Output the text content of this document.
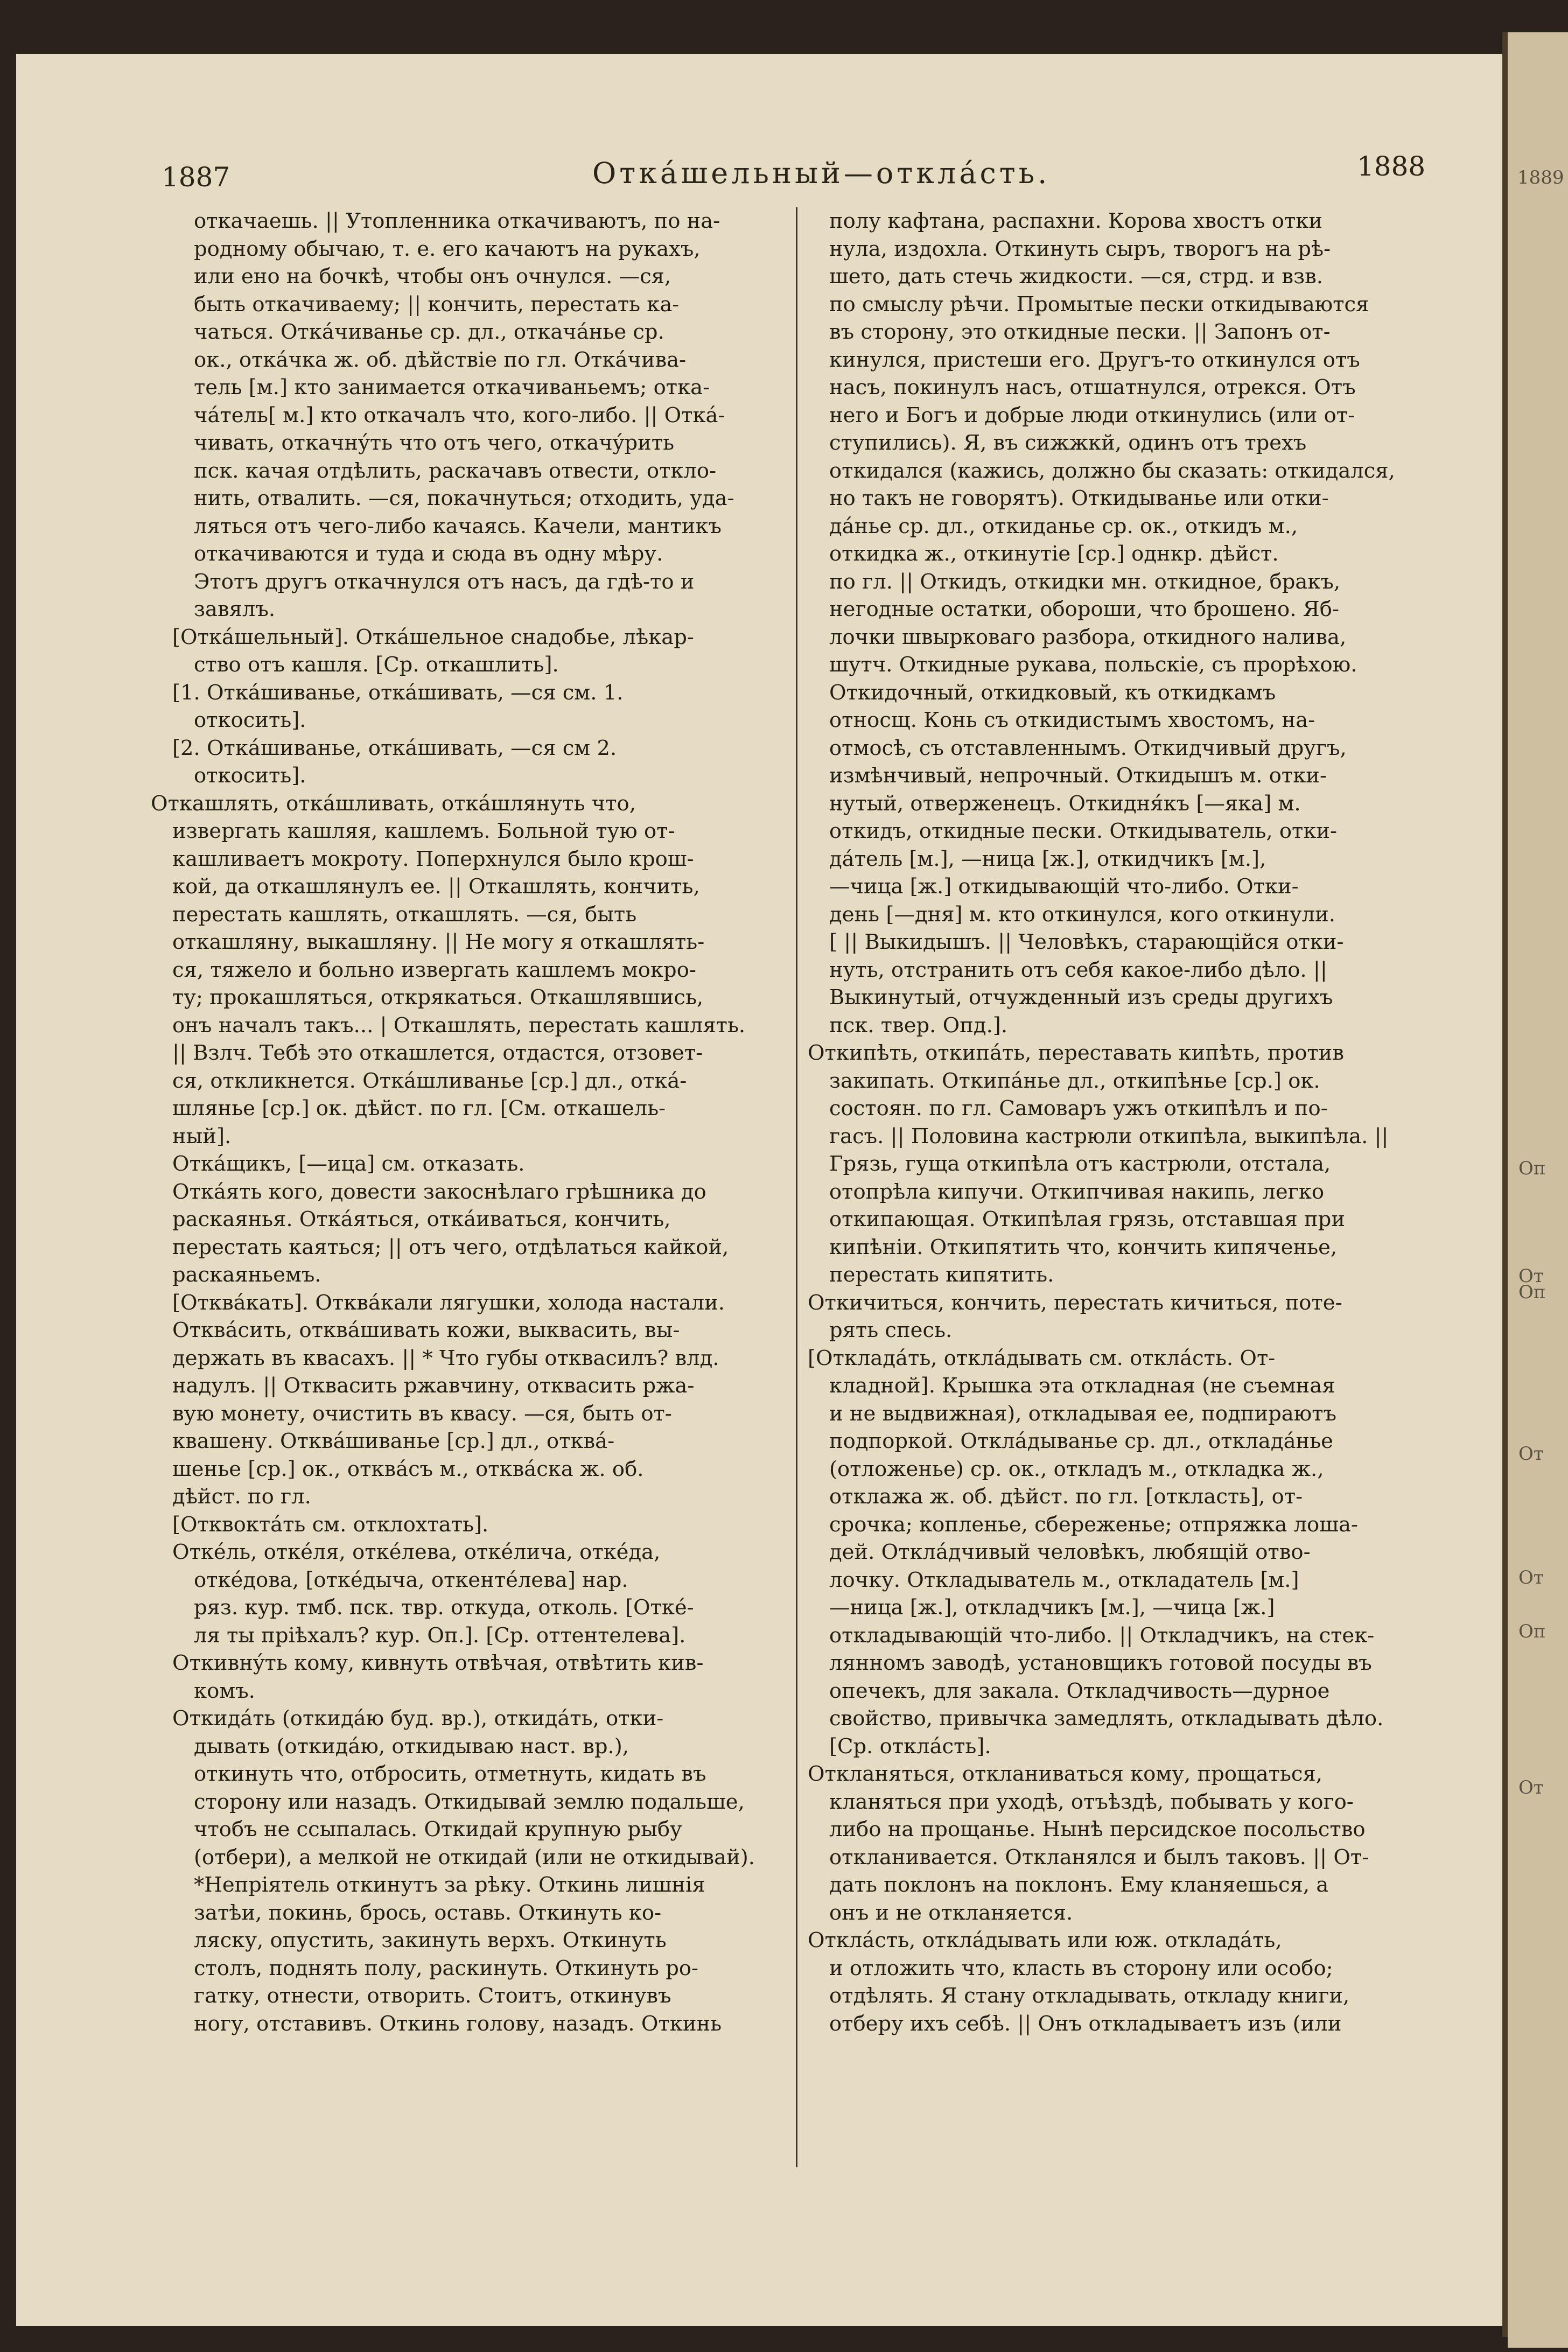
1889
Оп
Оп
От
От
От
Оп
От
1887	Откáшельный—отклáсть.	1888
откачаешь. || Утопленника откачиваютъ, по на-
родному обычаю, т. е. его качаютъ на рукахъ,
или ено на бочкѣ, чтобы онъ очнулся. —ся,
быть откачиваему; || кончить, перестать ка-
чаться. Откáчиванье ср. дл., откачáнье ср.
ок., откáчка ж. об. дѣйствіе по гл. Откáчива-
тель [м.] кто занимается откачиваньемъ; отка-
чáтель[ м.] кто откачалъ что, кого-либо. || Откá-
чивать, откачнýть что отъ чего, откачýрить
пск. качая отдѣлить, раскачавъ отвести, откло-
нить, отвалить. —ся, покачнуться; отходить, уда-
ляться отъ чего-либо качаясь. Качели, мантикъ
откачиваются и туда и сюда въ одну мѣру.
Этотъ другъ откачнулся отъ насъ, да гдѣ-то и
завялъ.
[Откáшельный]. Откáшельное снадобье, лѣкар-
ство отъ кашля. [Ср. откашлить].
[1. Откáшиванье, откáшивать, —ся см. 1.
откосить].
[2. Откáшиванье, откáшивать, —ся см 2.
откосить].
Откашлять, откáшливать, откáшлянуть что,
извергать кашляя, кашлемъ. Больной тую от-
кашливаетъ мокроту. Поперхнулся было крош-
кой, да откашлянулъ ее. || Откашлять, кончить,
перестать кашлять, откашлять. —ся, быть
откашляну, выкашляну. || Не могу я откашлять-
ся, тяжело и больно извергать кашлемъ мокро-
ту; прокашляться, открякаться. Откашлявшись,
онъ началъ такъ... | Откашлять, перестать кашлять.
|| Взлч. Тебѣ это откашлется, отдастся, отзовет-
ся, откликнется. Откáшливанье [ср.] дл., откá-
шлянье [ср.] ок. дѣйст. по гл. [См. откашель-
ный].
Откáщикъ, [—ица] см. отказать.
Откáять кого, довести закоснѣлаго грѣшника до
раскаянья. Откáяться, откáиваться, кончить,
перестать каяться; || отъ чего, отдѣлаться кайкой,
раскаяньемъ.
[Отквáкать]. Отквáкали лягушки, холода настали.
Отквáсить, отквáшивать кожи, выквасить, вы-
держать въ квасахъ. || * Что губы отквасилъ? влд.
надулъ. || Отквасить ржавчину, отквасить ржа-
вую монету, очистить въ квасу. —ся, быть от-
квашену. Отквáшиванье [ср.] дл., отквá-
шенье [ср.] ок., отквáсъ м., отквáска ж. об.
дѣйст. по гл.
[Отквоктáть см. отклохтать].
Откéль, откéля, откéлева, откéлича, откéда,
откéдова, [откéдыча, откентéлева] нар.
ряз. кур. тмб. пск. твр. откуда, отколь. [Откé-
ля ты пріѣхалъ? кур. Оп.]. [Ср. оттентелева].
Откивнýть кому, кивнуть отвѣчая, отвѣтить кив-
комъ.
Откидáть (откидáю буд. вр.), откидáть, отки-
дывать (откидáю, откидываю наст. вр.),
откинуть что, отбросить, отметнуть, кидать въ
сторону или назадъ. Откидывай землю подальше,
чтобъ не ссыпалась. Откидай крупную рыбу
(отбери), а мелкой не откидай (или не откидывай).
*Непріятель откинутъ за рѣку. Откинь лишнія
затѣи, покинь, брось, оставь. Откинуть ко-
ляску, опустить, закинуть верхъ. Откинуть
столъ, поднять полу, раскинуть. Откинуть ро-
гатку, отнести, отворить. Стоитъ, откинувъ
ногу, отставивъ. Откинь голову, назадъ. Откинь
полу кафтана, распахни. Корова хвостъ отки
нула, издохла. Откинуть сыръ, творогъ на рѣ-
шето, дать стечь жидкости. —ся, стрд. и взв.
по смыслу рѣчи. Промытые пески откидываются
въ сторону, это откидные пески. || Запонъ от-
кинулся, пристеши его. Другъ-то откинулся отъ
насъ, покинулъ насъ, отшатнулся, отрекся. Отъ
него и Богъ и добрые люди откинулись (или от-
ступились). Я, въ сижжкй, одинъ отъ трехъ
откидался (кажись, должно бы сказать: откидался,
но такъ не говорятъ). Откидыванье или отки-
дáнье ср. дл., откиданье ср. ок., откидъ м.,
откидка ж., откинутіе [ср.] однкр. дѣйст.
по гл. || Откидъ, откидки мн. откидное, бракъ,
негодные остатки, обороши, что брошено. Яб-
лочки швырковаго разбора, откидного налива,
шутч. Откидные рукава, польскіе, съ прорѣхою.
Откидочный, откидковый, къ откидкамъ
относщ. Конь съ откидистымъ хвостомъ, на-
отмосѣ, съ отставленнымъ. Откидчивый другъ,
измѣнчивый, непрочный. Откидышъ м. отки-
нутый, отверженецъ. Откидня́къ [—яка] м.
откидъ, откидные пески. Откидыватель, отки-
дáтель [м.], —ница [ж.], откидчикъ [м.],
—чица [ж.] откидывающій что-либо. Отки-
день [—дня] м. кто откинулся, кого откинули.
[ || Выкидышъ. || Человѣкъ, старающійся отки-
нуть, отстранить отъ себя какое-либо дѣло. ||
Выкинутый, отчужденный изъ среды другихъ
пск. твер. Опд.].
Откипѣть, откипáть, переставать кипѣть, против
закипать. Откипáнье дл., откипѣнье [ср.] ок.
состоян. по гл. Самоваръ ужъ откипѣлъ и по-
гасъ. || Половина кастрюли откипѣла, выкипѣла. ||
Грязь, гуща откипѣла отъ кастрюли, отстала,
отопрѣла кипучи. Откипчивая накипь, легко
откипающая. Откипѣлая грязь, отставшая при
кипѣніи. Откипятить что, кончить кипяченье,
перестать кипятить.
Откичиться, кончить, перестать кичиться, поте-
рять спесь.
[Откладáть, отклáдывать см. отклáсть. От-
кладной]. Крышка эта откладная (не съемная
и не выдвижная), откладывая ее, подпираютъ
подпоркой. Отклáдыванье ср. дл., откладáнье
(отложенье) ср. ок., откладъ м., откладка ж.,
отклажа ж. об. дѣйст. по гл. [откласть], от-
срочка; копленье, сбереженье; отпряжка лоша-
дей. Отклáдчивый человѣкъ, любящій отво-
лочку. Откладыватель м., откладатель [м.]
—ница [ж.], откладчикъ [м.], —чица [ж.]
откладывающій что-либо. || Откладчикъ, на стек-
лянномъ заводѣ, установщикъ готовой посуды въ
опечекъ, для закала. Откладчивость—дурное
свойство, привычка замедлять, откладывать дѣло.
[Ср. отклáсть].
Откланяться, откланиваться кому, прощаться,
кланяться при уходѣ, отъѣздѣ, побывать у кого-
либо на прощанье. Нынѣ персидское посольство
откланивается. Откланялся и былъ таковъ. || От-
дать поклонъ на поклонъ. Ему кланяешься, а
онъ и не откланяется.
Отклáсть, отклáдывать или юж. откладáть,
и отложить что, класть въ сторону или особо;
отдѣлять. Я стану откладывать, откладу книги,
отберу ихъ себѣ. || Онъ откладываетъ изъ (или
